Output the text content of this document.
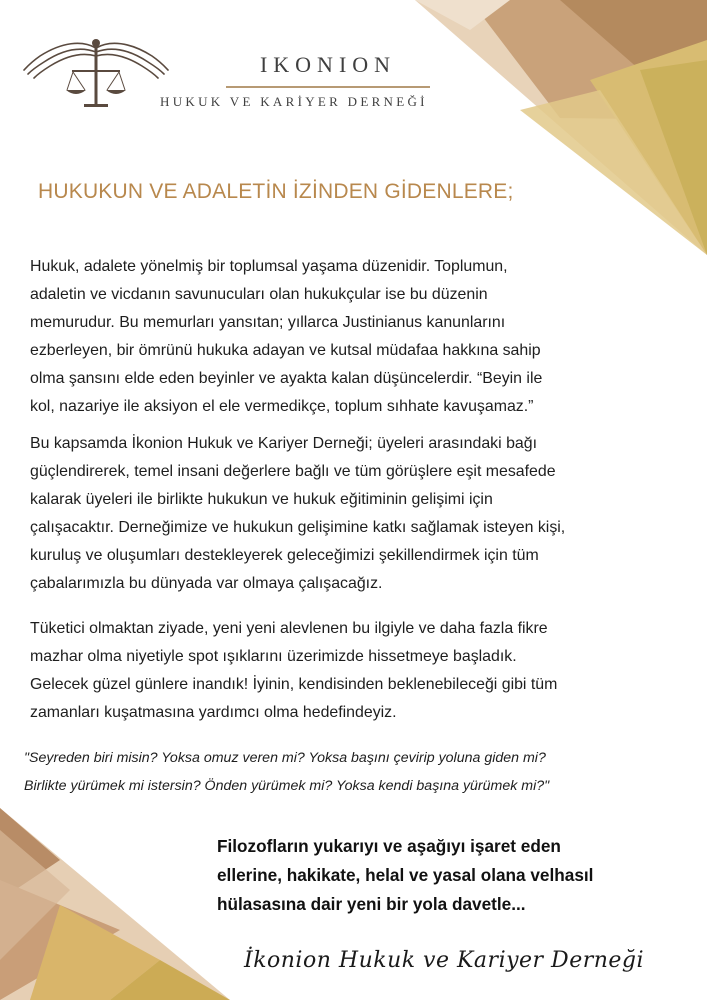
IKONION
HUKUK VE KARİYER DERNEĞİ
HUKUKUN VE ADALETİN İZİNDEN GİDENLERE;
Hukuk, adalete yönelmiş bir toplumsal yaşama düzenidir. Toplumun,
adaletin ve vicdanın savunucuları olan hukukçular ise bu düzenin
memurudur. Bu memurları yansıtan; yıllarca Justinianus kanunlarını
ezberleyen, bir ömrünü hukuka adayan ve kutsal müdafaa hakkına sahip
olma şansını elde eden beyinler ve ayakta kalan düşüncelerdir. “Beyin ile
kol, nazariye ile aksiyon el ele vermedikçe, toplum sıhhate kavuşamaz.”
Bu kapsamda İkonion Hukuk ve Kariyer Derneği; üyeleri arasındaki bağı
güçlendirerek, temel insani değerlere bağlı ve tüm görüşlere eşit mesafede
kalarak üyeleri ile birlikte hukukun ve hukuk eğitiminin gelişimi için
çalışacaktır. Derneğimize ve hukukun gelişimine katkı sağlamak isteyen kişi,
kuruluş ve oluşumları destekleyerek geleceğimizi şekillendirmek için tüm
çabalarımızla bu dünyada var olmaya çalışacağız.
Tüketici olmaktan ziyade, yeni yeni alevlenen bu ilgiyle ve daha fazla fikre
mazhar olma niyetiyle spot ışıklarını üzerimizde hissetmeye başladık.
Gelecek güzel günlere inandık! İyinin, kendisinden beklenebileceği gibi tüm
zamanları kuşatmasına yardımcı olma hedefindeyiz.
"Seyreden biri misin? Yoksa omuz veren mi? Yoksa başını çevirip yoluna giden mi?
Birlikte yürümek mi istersin? Önden yürümek mi? Yoksa kendi başına yürümek mi?"
Filozofların yukarıyı ve aşağıyı işaret eden
ellerine, hakikate, helal ve yasal olana velhasıl
hülasasına dair yeni bir yola davetle...
İkonion Hukuk ve Kariyer Derneği
